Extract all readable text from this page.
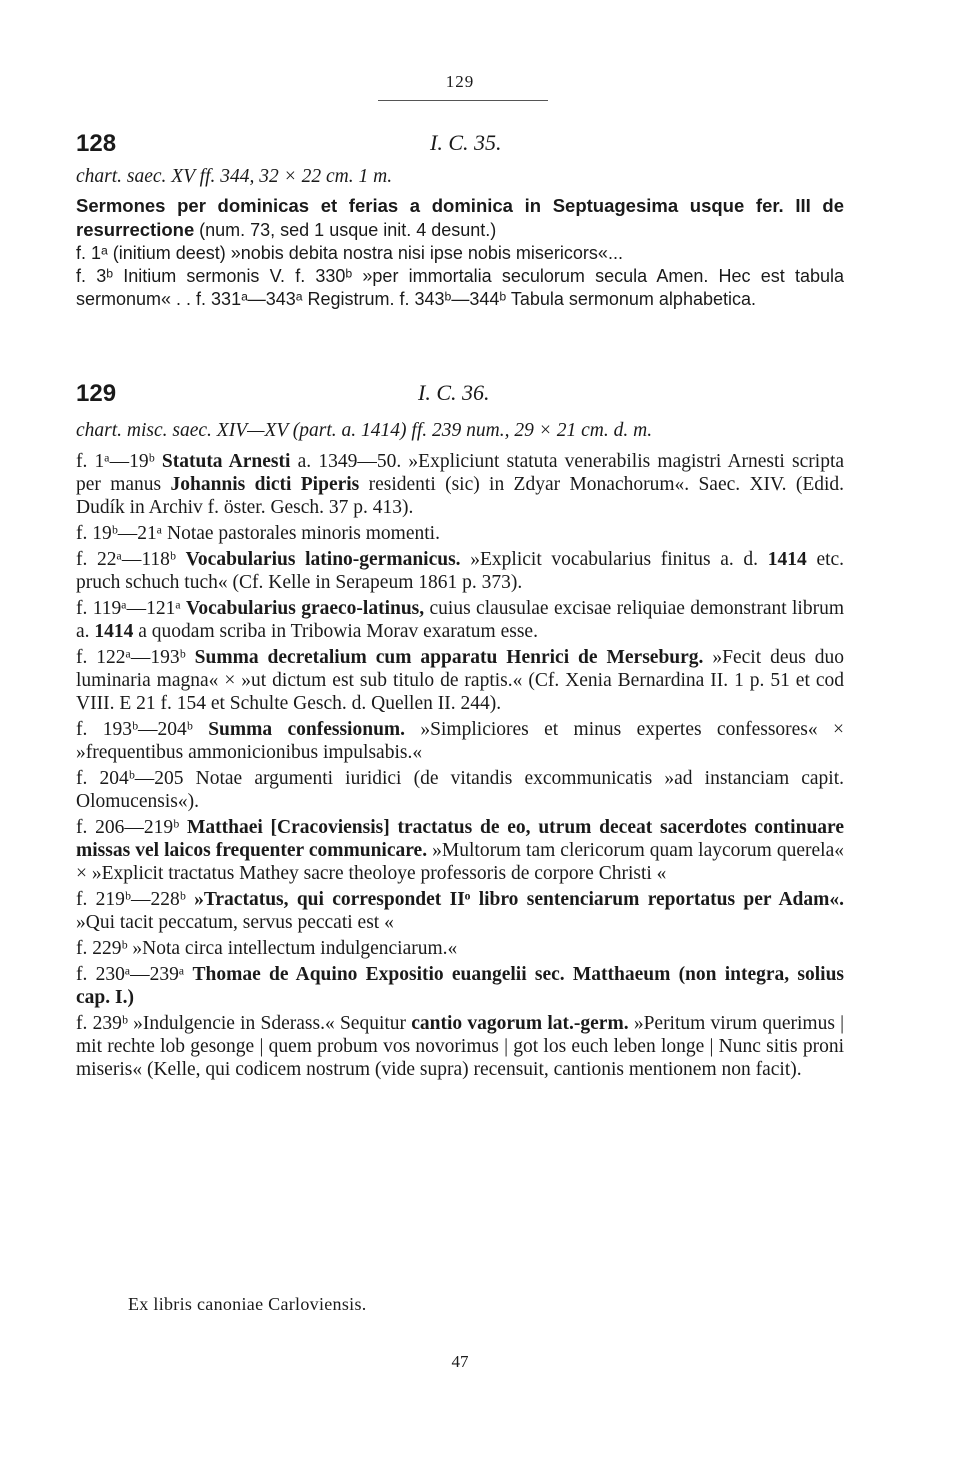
129
128	I. C. 35.

chart. saec. XV ff. 344, 32 × 22 cm. 1 m.

Sermones per dominicas et ferias a dominica in Septuagesima usque fer. III de resurrectione (num. 73, sed 1 usque init. 4 desunt.)

f. 1ᵃ (initium deest) »nobis debita nostra nisi ipse nobis misericors«...

f. 3ᵇ Initium sermonis V. f. 330ᵇ »per immortalia seculorum secula Amen. Hec est tabula sermonum« . . f. 331ᵃ—343ᵃ Registrum. f. 343ᵇ—344ᵇ Tabula sermonum alphabetica.

129	I. C. 36.

chart. misc. saec. XIV—XV (part. a. 1414) ff. 239 num., 29 × 21 cm. d. m.

f. 1ᵃ—19ᵇ Statuta Arnesti a. 1349—50. »Expliciunt statuta venerabilis magistri Arnesti scripta per manus Johannis dicti Piperis residenti (sic) in Zdyar Monachorum«. Saec. XIV. (Edid. Dudík in Archiv f. öster. Gesch. 37 p. 413).

f. 19ᵇ—21ᵃ Notae pastorales minoris momenti.

f. 22ᵃ—118ᵇ Vocabularius latino-germanicus. »Explicit vocabularius finitus a. d. 1414 etc. pruch schuch tuch« (Cf. Kelle in Serapeum 1861 p. 373).

f. 119ᵃ—121ᵃ Vocabularius graeco-latinus, cuius clausulae excisae reliquiae demonstrant librum a. 1414 a quodam scriba in Tribowia Morav exaratum esse.

f. 122ᵃ—193ᵇ Summa decretalium cum apparatu Henrici de Merseburg. »Fecit deus duo luminaria magna« × »ut dictum est sub titulo de raptis.« (Cf. Xenia Bernardina II. 1 p. 51 et cod VIII. E 21 f. 154 et Schulte Gesch. d. Quellen II. 244).

f. 193ᵇ—204ᵇ Summa confessionum. »Simpliciores et minus expertes confessores« × »frequentibus ammonicionibus impulsabis.«

f. 204ᵇ—205 Notae argumenti iuridici (de vitandis excommunicatis »ad instanciam capit. Olomucensis«).

f. 206—219ᵇ Matthaei [Cracoviensis] tractatus de eo, utrum deceat sacerdotes continuare missas vel laicos frequenter communicare. »Multorum tam clericorum quam laycorum querela« × »Explicit tractatus Mathey sacre theoloye professoris de corpore Christi «

f. 219ᵇ—228ᵇ »Tractatus, qui correspondet IIᵒ libro sentenciarum reportatus per Adam«. »Qui tacit peccatum, servus peccati est «

f. 229ᵇ »Nota circa intellectum indulgenciarum.«

f. 230ᵃ—239ᵃ Thomae de Aquino Expositio euangelii sec. Matthaeum (non integra, solius cap. I.)

f. 239ᵇ »Indulgencie in Sderass.« Sequitur cantio vagorum lat.-germ. »Peritum virum querimus | mit rechte lob gesonge | quem probum vos novorimus | got los euch leben longe | Nunc sitis proni miseris« (Kelle, qui codicem nostrum (vide supra) recensuit, cantionis mentionem non facit).

Ex libris canoniae Carloviensis.
47
